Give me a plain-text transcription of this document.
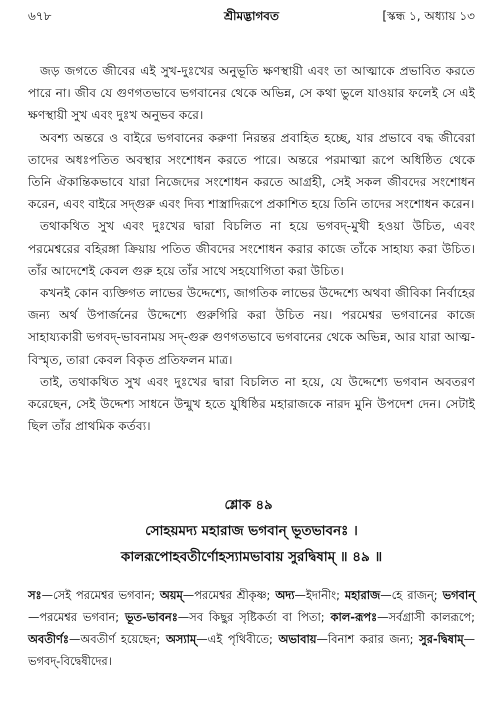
৬৭৮	শ্রীমদ্ভাগবত	[স্কন্ধ ১, অধ্যায় ১৩

জড় জগতে জীবের এই সুখ-দুঃখের অনুভূতি ক্ষণস্থায়ী এবং তা আত্মাকে প্রভাবিত করতে পারে না। জীব যে গুণগতভাবে ভগবানের থেকে অভিন্ন, সে কথা ভুলে যাওয়ার ফলেই সে এই ক্ষণস্থায়ী সুখ এবং দুঃখ অনুভব করে।

অবশ্য অন্তরে ও বাইরে ভগবানের করুণা নিরন্তর প্রবাহিত হচ্ছে, যার প্রভাবে বদ্ধ জীবেরা তাদের অধঃপতিত অবস্থার সংশোধন করতে পারে। অন্তরে পরমাত্মা রূপে অধিষ্ঠিত থেকে তিনি ঐকান্তিকভাবে যারা নিজেদের সংশোধন করতে আগ্রহী, সেই সকল জীবদের সংশোধন করেন, এবং বাইরে সদ্‌গুরু এবং দিব্য শাস্ত্রাদিরূপে প্রকাশিত হয়ে তিনি তাদের সংশোধন করেন।

তথাকথিত সুখ এবং দুঃখের দ্বারা বিচলিত না হয়ে ভগবদ্-মুখী হওয়া উচিত, এবং পরমেশ্বরের বহিরঙ্গা ক্রিয়ায় পতিত জীবদের সংশোধন করার কাজে তাঁকে সাহায্য করা উচিত। তাঁর আদেশেই কেবল গুরু হয়ে তাঁর সাথে সহযোগিতা করা উচিত।

কখনই কোন ব্যক্তিগত লাভের উদ্দেশ্যে, জাগতিক লাভের উদ্দেশ্যে অথবা জীবিকা নির্বাহের জন্য অর্থ উপার্জনের উদ্দেশ্যে গুরুগিরি করা উচিত নয়। পরমেশ্বর ভগবানের কাজে সাহায্যকারী ভগবদ্-ভাবনাময় সদ্-গুরু গুণগতভাবে ভগবানের থেকে অভিন্ন, আর যারা আত্ম-বিস্মৃত, তারা কেবল বিকৃত প্রতিফলন মাত্র।

তাই, তথাকথিত সুখ এবং দুঃখের দ্বারা বিচলিত না হয়ে, যে উদ্দেশ্যে ভগবান অবতরণ করেছেন, সেই উদ্দেশ্য সাধনে উন্মুখ হতে যুধিষ্ঠির মহারাজকে নারদ মুনি উপদেশ দেন। সেটাই ছিল তাঁর প্রাথমিক কর্তব্য।

শ্লোক ৪৯
সোহয়মদ্য মহারাজ ভগবান্ ভূতভাবনঃ ।
কালরূপোহবতীর্ণোহস্যামভাবায় সুরদ্বিষাম্ ॥ ৪৯ ॥

সঃ—সেই পরমেশ্বর ভগবান; অয়ম্—পরমেশ্বর শ্রীকৃষ্ণ; অদ্য—ইদানীং; মহারাজ—হে রাজন্; ভগবান্—পরমেশ্বর ভগবান; ভূত-ভাবনঃ—সব কিছুর সৃষ্টিকর্তা বা পিতা; কাল-রূপঃ—সর্বগ্রাসী কালরূপে; অবতীর্ণঃ—অবতীর্ণ হয়েছেন; অস্যাম্—এই পৃথিবীতে; অভাবায়—বিনাশ করার জন্য; সুর-দ্বিষাম্—ভগবদ্-বিদ্বেষীদের।
